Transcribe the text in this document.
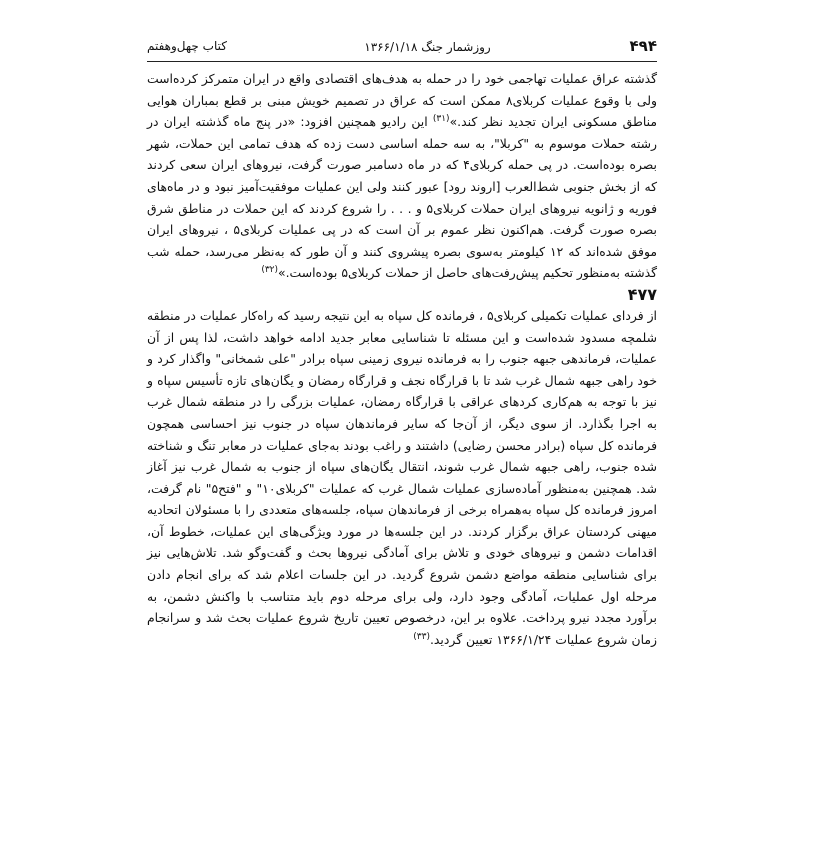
۴۹۴
روزشمار جنگ ۱۳۶۶/۱/۱۸
کتاب چهل‌وهفتم

گذشته عراق عملیات تهاجمی خود را در حمله به هدف‌های اقتصادی واقع در ایران متمرکز کرده‌است ولی با وقوع عملیات کربلای۸ ممکن است که عراق در تصمیم خویش مبنی بر قطع بمباران هوایی مناطق مسکونی ایران تجدید نظر کند.»$^{(۳۱)}$ این رادیو همچنین افزود: «در پنج ماه گذشته ایران در رشته حملات موسوم به "کربلا"، به سه حمله اساسی دست زده که هدف تمامی این حملات، شهر بصره بوده‌است. در پی حمله کربلای۴ که در ماه دسامبر صورت گرفت، نیروهای ایران سعی کردند که از بخش جنوبی شط‌العرب [اروند رود] عبور کنند ولی این عملیات موفقیت‌آمیز نبود و در ماه‌های فوریه و ژانویه نیروهای ایران حملات کربلای۵ و . . . را شروع کردند که این حملات در مناطق شرق بصره صورت گرفت. هم‌اکنون نظر عموم بر آن است که در پی عملیات کربلای۵ ، نیروهای ایران موفق شده‌اند که ۱۲ کیلومتر به‌سوی بصره پیشروی کنند و آن طور که به‌نظر می‌رسد، حمله شب گذشته به‌منظور تحکیم پیش‌رفت‌های حاصل از حملات کربلای۵ بوده‌است.»$^{(۳۲)}$

۴۷۷

از فردای عملیات تکمیلی کربلای۵ ، فرمانده کل سپاه به این نتیجه رسید که راه‌کار عملیات در منطقه شلمچه مسدود شده‌است و این مسئله تا شناسایی معابر جدید ادامه خواهد داشت، لذا پس از آن عملیات، فرماندهی جبهه جنوب را به فرمانده نیروی زمینی سپاه برادر "علی شمخانی" واگذار کرد و خود راهی جبهه شمال غرب شد تا با قرارگاه نجف و قرارگاه رمضان و یگان‌های تازه تأسیس سپاه و نیز با توجه به هم‌کاری کردهای عراقی با قرارگاه رمضان، عملیات بزرگی را در منطقه شمال غرب به اجرا بگذارد. از سوی دیگر، از آن‌جا که سایر فرماندهان سپاه در جنوب نیز احساسی همچون فرمانده کل سپاه (برادر محسن رضایی) داشتند و راغب بودند به‌جای عملیات در معابر تنگ و شناخته شده جنوب، راهی جبهه شمال غرب شوند، انتقال یگان‌های سپاه از جنوب به شمال غرب نیز آغاز شد. همچنین به‌منظور آماده‌سازی عملیات شمال غرب که عملیات "کربلای۱۰" و "فتح۵" نام گرفت، امروز فرمانده کل سپاه به‌همراه برخی از فرماندهان سپاه، جلسه‌های متعددی را با مسئولان اتحادیه میهنی کردستان عراق برگزار کردند. در این جلسه‌ها در مورد ویژگی‌های این عملیات، خطوط آن، اقدامات دشمن و نیروهای خودی و تلاش برای آمادگی نیروها بحث و گفت‌وگو شد. تلاش‌هایی نیز برای شناسایی منطقه مواضع دشمن شروع گردید. در این جلسات اعلام شد که برای انجام دادن مرحله اول عملیات، آمادگی وجود دارد، ولی برای مرحله دوم باید متناسب با واکنش دشمن، به برآورد مجدد نیرو پرداخت. علاوه بر این، درخصوص تعیین تاریخ شروع عملیات بحث شد و سرانجام زمان شروع عملیات ۱۳۶۶/۱/۲۴ تعیین گردید.$^{(۳۳)}$
